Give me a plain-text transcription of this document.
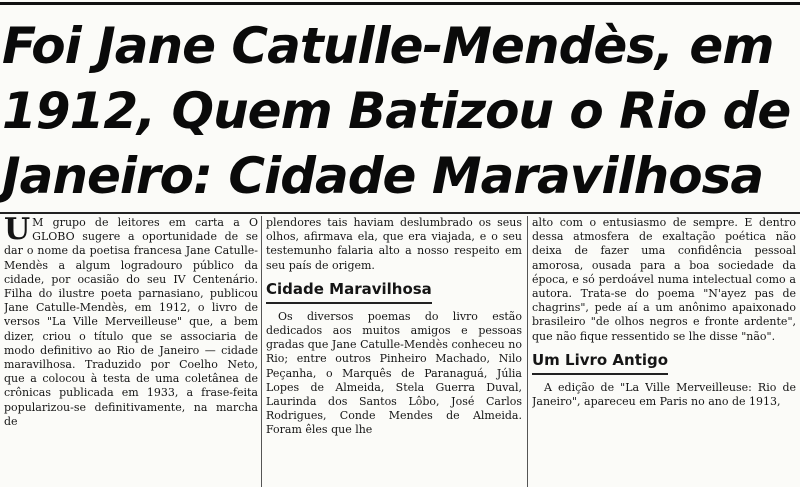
Foi Jane Catulle-Mendès, em 1912, Quem Batizou o Rio de Janeiro: Cidade Maravilhosa

U M grupo de leitores em carta a O GLOBO sugere a oportunidade de se dar o nome da poetisa francesa Jane Catulle-Mendès a algum logradouro público da cidade, por ocasião do seu IV Centenário. Filha do ilustre poeta parnasiano, publicou Jane Catulle-Mendès, em 1912, o livro de versos "La Ville Merveilleuse" que, a bem dizer, criou o título que se associaria de modo definitivo ao Rio de Janeiro — cidade maravilhosa. Traduzido por Coelho Neto, que a colocou à testa de uma coletânea de crônicas publicada em 1933, a frase-feita popularizou-se definitivamente, na marcha de

plendores tais haviam deslumbrado os seus olhos, afirmava ela, que era viajada, e o seu testemunho falaria alto a nosso respeito em seu país de origem.

Cidade Maravilhosa

Os diversos poemas do livro estão dedicados aos muitos amigos e pessoas gradas que Jane Catulle-Mendès conheceu no Rio; entre outros Pinheiro Machado, Nilo Peçanha, o Marquês de Paranaguá, Júlia Lopes de Almeida, Stela Guerra Duval, Laurinda dos Santos Lôbo, José Carlos Rodrigues, Conde Mendes de Almeida. Foram êles que lhe

alto com o entusiasmo de sempre. E dentro dessa atmosfera de exaltação poética não deixa de fazer uma confidência pessoal amorosa, ousada para a boa sociedade da época, e só perdoável numa intelectual como a autora. Trata-se do poema "N'ayez pas de chagrins", pede aí a um anônimo apaixonado brasileiro "de olhos negros e fronte ardente", que não fique ressentido se lhe disse "não".

Um Livro Antigo

A edição de "La Ville Merveilleuse: Rio de Janeiro", apareceu em Paris no ano de 1913,
